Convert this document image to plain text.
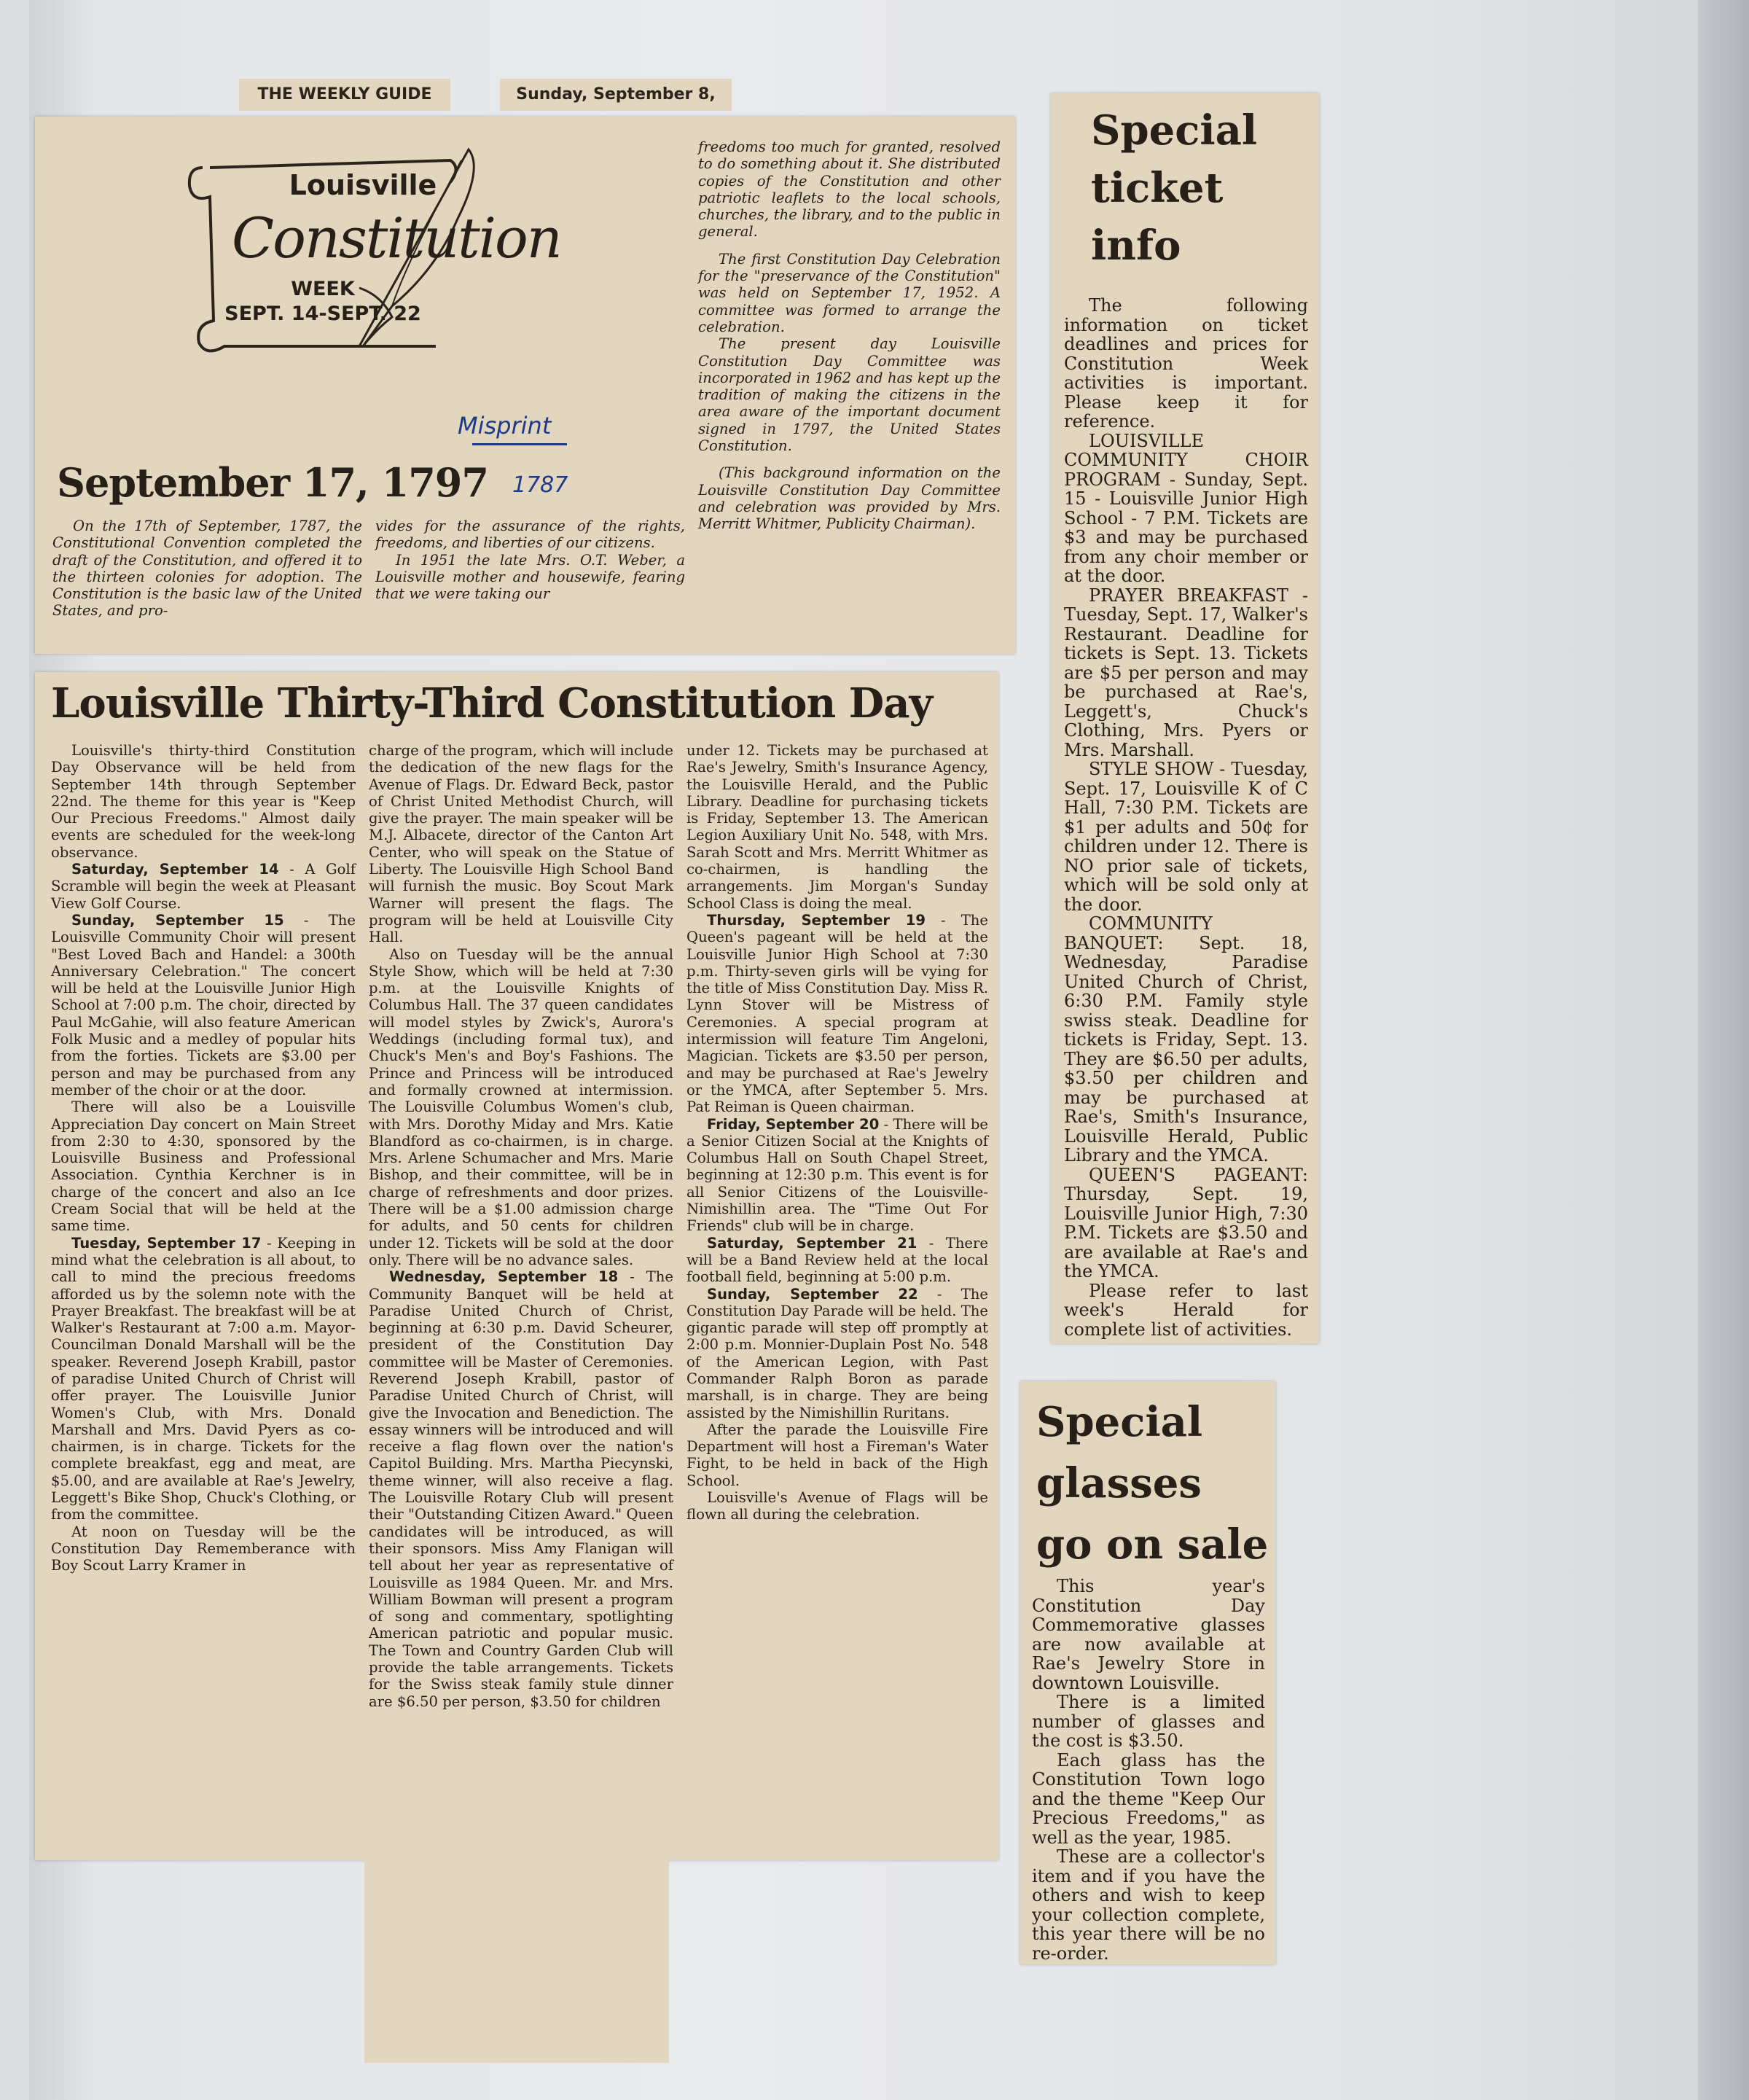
THE WEEKLY GUIDE	Sunday, September 8,
Louisville
Constitution
WEEK
SEPT. 14-SEPT. 22
Misprint
1787
September 17, 1797

On the 17th of September, 1787, the Constitutional Convention completed the draft of the Constitution, and offered it to the thirteen colonies for adoption. The Constitution is the basic law of the United States, and pro-

vides for the assurance of the rights, freedoms, and liberties of our citizens.

In 1951 the late Mrs. O.T. Weber, a Louisville mother and housewife, fearing that we were taking our

freedoms too much for granted, resolved to do something about it. She distributed copies of the Constitution and other patriotic leaflets to the local schools, churches, the library, and to the public in general.

The first Constitution Day Celebration for the "preservance of the Constitution" was held on September 17, 1952. A committee was formed to arrange the celebration.

The present day Louisville Constitution Day Committee was incorporated in 1962 and has kept up the tradition of making the citizens in the area aware of the important document signed in 1797, the United States Constitution.

(This background information on the Louisville Constitution Day Committee and celebration was provided by Mrs. Merritt Whitmer, Publicity Chairman).

Louisville Thirty-Third Constitution Day

Louisville's thirty-third Constitution Day Observance will be held from September 14th through September 22nd. The theme for this year is "Keep Our Precious Freedoms." Almost daily events are scheduled for the week-long observance.

Saturday, September 14 - A Golf Scramble will begin the week at Pleasant View Golf Course.

Sunday, September 15 - The Louisville Community Choir will present "Best Loved Bach and Handel: a 300th Anniversary Celebration." The concert will be held at the Louisville Junior High School at 7:00 p.m. The choir, directed by Paul McGahie, will also feature American Folk Music and a medley of popular hits from the forties. Tickets are $3.00 per person and may be purchased from any member of the choir or at the door.

There will also be a Louisville Appreciation Day concert on Main Street from 2:30 to 4:30, sponsored by the Louisville Business and Professional Association. Cynthia Kerchner is in charge of the concert and also an Ice Cream Social that will be held at the same time.

Tuesday, September 17 - Keeping in mind what the celebration is all about, to call to mind the precious freedoms afforded us by the solemn note with the Prayer Breakfast. The breakfast will be at Walker's Restaurant at 7:00 a.m. Mayor-Councilman Donald Marshall will be the speaker. Reverend Joseph Krabill, pastor of paradise United Church of Christ will offer prayer. The Louisville Junior Women's Club, with Mrs. Donald Marshall and Mrs. David Pyers as co-chairmen, is in charge. Tickets for the complete breakfast, egg and meat, are $5.00, and are available at Rae's Jewelry, Leggett's Bike Shop, Chuck's Clothing, or from the committee.

At noon on Tuesday will be the Constitution Day Rememberance with Boy Scout Larry Kramer in

charge of the program, which will include the dedication of the new flags for the Avenue of Flags. Dr. Edward Beck, pastor of Christ United Methodist Church, will give the prayer. The main speaker will be M.J. Albacete, director of the Canton Art Center, who will speak on the Statue of Liberty. The Louisville High School Band will furnish the music. Boy Scout Mark Warner will present the flags. The program will be held at Louisville City Hall.

Also on Tuesday will be the annual Style Show, which will be held at 7:30 p.m. at the Louisville Knights of Columbus Hall. The 37 queen candidates will model styles by Zwick's, Aurora's Weddings (including formal tux), and Chuck's Men's and Boy's Fashions. The Prince and Princess will be introduced and formally crowned at intermission. The Louisville Columbus Women's club, with Mrs. Dorothy Miday and Mrs. Katie Blandford as co-chairmen, is in charge. Mrs. Arlene Schumacher and Mrs. Marie Bishop, and their committee, will be in charge of refreshments and door prizes. There will be a $1.00 admission charge for adults, and 50 cents for children under 12. Tickets will be sold at the door only. There will be no advance sales.

Wednesday, September 18 - The Community Banquet will be held at Paradise United Church of Christ, beginning at 6:30 p.m. David Scheurer, president of the Constitution Day committee will be Master of Ceremonies. Reverend Joseph Krabill, pastor of Paradise United Church of Christ, will give the Invocation and Benediction. The essay winners will be introduced and will receive a flag flown over the nation's Capitol Building. Mrs. Martha Piecynski, theme winner, will also receive a flag. The Louisville Rotary Club will present their "Outstanding Citizen Award." Queen candidates will be introduced, as will their sponsors. Miss Amy Flanigan will tell about her year as representative of Louisville as 1984 Queen. Mr. and Mrs. William Bowman will present a program of song and commentary, spotlighting American patriotic and popular music. The Town and Country Garden Club will provide the table arrangements. Tickets for the Swiss steak family stule dinner are $6.50 per person, $3.50 for children

under 12. Tickets may be purchased at Rae's Jewelry, Smith's Insurance Agency, the Louisville Herald, and the Public Library. Deadline for purchasing tickets is Friday, September 13. The American Legion Auxiliary Unit No. 548, with Mrs. Sarah Scott and Mrs. Merritt Whitmer as co-chairmen, is handling the arrangements. Jim Morgan's Sunday School Class is doing the meal.

Thursday, September 19 - The Queen's pageant will be held at the Louisville Junior High School at 7:30 p.m. Thirty-seven girls will be vying for the title of Miss Constitution Day. Miss R. Lynn Stover will be Mistress of Ceremonies. A special program at intermission will feature Tim Angeloni, Magician. Tickets are $3.50 per person, and may be purchased at Rae's Jewelry or the YMCA, after September 5. Mrs. Pat Reiman is Queen chairman.

Friday, September 20 - There will be a Senior Citizen Social at the Knights of Columbus Hall on South Chapel Street, beginning at 12:30 p.m. This event is for all Senior Citizens of the Louisville-Nimishillin area. The "Time Out For Friends" club will be in charge.

Saturday, September 21 - There will be a Band Review held at the local football field, beginning at 5:00 p.m.

Sunday, September 22 - The Constitution Day Parade will be held. The gigantic parade will step off promptly at 2:00 p.m. Monnier-Duplain Post No. 548 of the American Legion, with Past Commander Ralph Boron as parade marshall, is in charge. They are being assisted by the Nimishillin Ruritans.

After the parade the Louisville Fire Department will host a Fireman's Water Fight, to be held in back of the High School.

Louisville's Avenue of Flags will be flown all during the celebration.

Special
ticket
info

The following information on ticket deadlines and prices for Constitution Week activities is important. Please keep it for reference.

LOUISVILLE COMMUNITY CHOIR PROGRAM - Sunday, Sept. 15 - Louisville Junior High School - 7 P.M. Tickets are $3 and may be purchased from any choir member or at the door.

PRAYER BREAKFAST - Tuesday, Sept. 17, Walker's Restaurant. Deadline for tickets is Sept. 13. Tickets are $5 per person and may be purchased at Rae's, Leggett's, Chuck's Clothing, Mrs. Pyers or Mrs. Marshall.

STYLE SHOW - Tuesday, Sept. 17, Louisville K of C Hall, 7:30 P.M. Tickets are $1 per adults and 50¢ for children under 12. There is NO prior sale of tickets, which will be sold only at the door.

COMMUNITY BANQUET: Sept. 18, Wednesday, Paradise United Church of Christ, 6:30 P.M. Family style swiss steak. Deadline for tickets is Friday, Sept. 13. They are $6.50 per adults, $3.50 per children and may be purchased at Rae's, Smith's Insurance, Louisville Herald, Public Library and the YMCA.

QUEEN'S PAGEANT: Thursday, Sept. 19, Louisville Junior High, 7:30 P.M. Tickets are $3.50 and are available at Rae's and the YMCA.

Please refer to last week's Herald for complete list of activities.

Special
glasses
go on sale

This year's Constitution Day Commemorative glasses are now available at Rae's Jewelry Store in downtown Louisville.

There is a limited number of glasses and the cost is $3.50.

Each glass has the Constitution Town logo and the theme "Keep Our Precious Freedoms," as well as the year, 1985.

These are a collector's item and if you have the others and wish to keep your collection complete, this year there will be no re-order.
